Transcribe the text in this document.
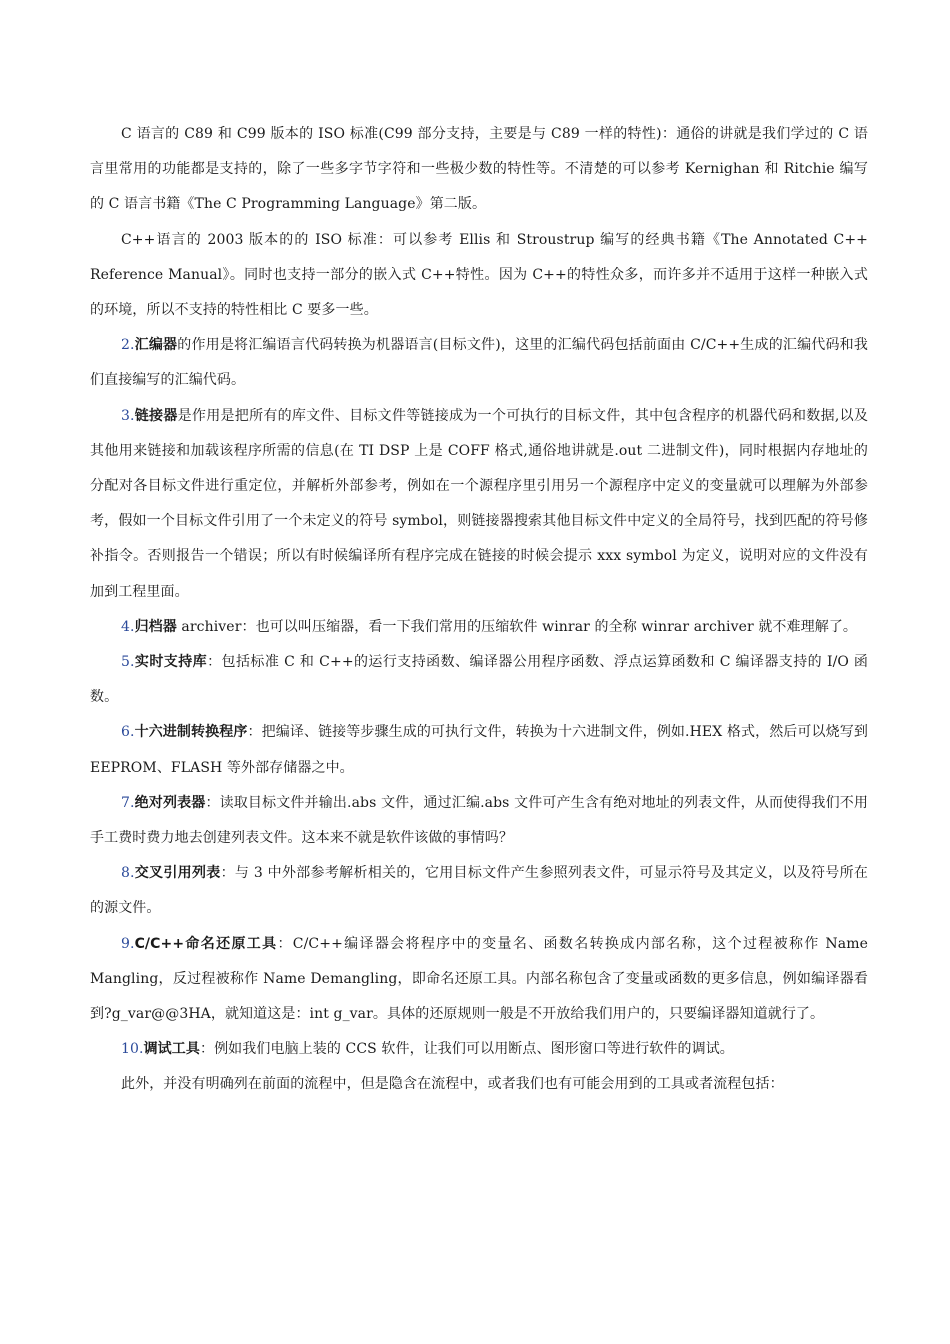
C 语言的 C89 和 C99 版本的 ISO 标准(C99 部分支持，主要是与 C89 一样的特性)：通俗的讲就是我们学过的 C 语言里常用的功能都是支持的，除了一些多字节字符和一些极少数的特性等。不清楚的可以参考 Kernighan 和 Ritchie 编写的 C 语言书籍《The C Programming Language》第二版。

C++语言的 2003 版本的的 ISO 标准：可以参考 Ellis 和 Stroustrup 编写的经典书籍《The Annotated C++ Reference Manual》。同时也支持一部分的嵌入式 C++特性。因为 C++的特性众多，而许多并不适用于这样一种嵌入式的环境，所以不支持的特性相比 C 要多一些。

2.汇编器的作用是将汇编语言代码转换为机器语言(目标文件)，这里的汇编代码包括前面由 C/C++生成的汇编代码和我们直接编写的汇编代码。

3.链接器是作用是把所有的库文件、目标文件等链接成为一个可执行的目标文件，其中包含程序的机器代码和数据,以及其他用来链接和加载该程序所需的信息(在 TI DSP 上是 COFF 格式,通俗地讲就是.out 二进制文件)，同时根据内存地址的分配对各目标文件进行重定位，并解析外部参考，例如在一个源程序里引用另一个源程序中定义的变量就可以理解为外部参考，假如一个目标文件引用了一个未定义的符号 symbol，则链接器搜索其他目标文件中定义的全局符号，找到匹配的符号修补指令。否则报告一个错误；所以有时候编译所有程序完成在链接的时候会提示 xxx symbol 为定义，说明对应的文件没有加到工程里面。

4.归档器 archiver：也可以叫压缩器，看一下我们常用的压缩软件 winrar 的全称 winrar archiver 就不难理解了。

5.实时支持库：包括标准 C 和 C++的运行支持函数、编译器公用程序函数、浮点运算函数和 C 编译器支持的 I/O 函数。

6.十六进制转换程序：把编译、链接等步骤生成的可执行文件，转换为十六进制文件，例如.HEX 格式，然后可以烧写到 EEPROM、FLASH 等外部存储器之中。

7.绝对列表器：读取目标文件并输出.abs 文件，通过汇编.abs 文件可产生含有绝对地址的列表文件，从而使得我们不用手工费时费力地去创建列表文件。这本来不就是软件该做的事情吗？

8.交叉引用列表：与 3 中外部参考解析相关的，它用目标文件产生参照列表文件，可显示符号及其定义，以及符号所在的源文件。

9.C/C++命名还原工具：C/C++编译器会将程序中的变量名、函数名转换成内部名称，这个过程被称作 Name Mangling，反过程被称作 Name Demangling，即命名还原工具。内部名称包含了变量或函数的更多信息，例如编译器看到?g_var@@3HA，就知道这是：int g_var。具体的还原规则一般是不开放给我们用户的，只要编译器知道就行了。

10.调试工具：例如我们电脑上装的 CCS 软件，让我们可以用断点、图形窗口等进行软件的调试。

此外，并没有明确列在前面的流程中，但是隐含在流程中，或者我们也有可能会用到的工具或者流程包括：
